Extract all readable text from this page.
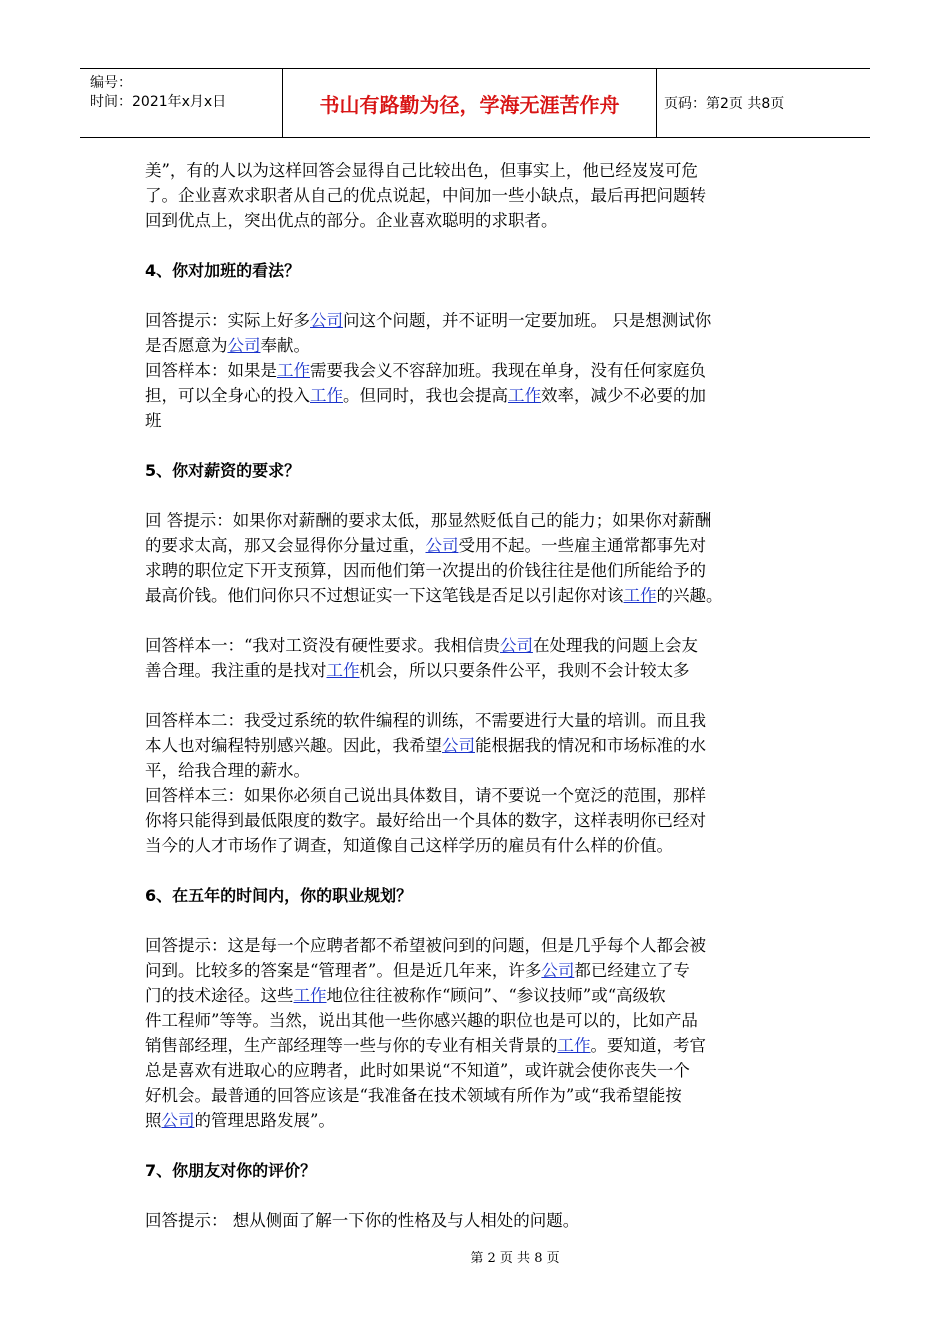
编号：
时间：2021年x月x日	书山有路勤为径，学海无涯苦作舟	页码：第2页 共8页

美”，有的人以为这样回答会显得自己比较出色，但事实上，他已经岌岌可危

了。企业喜欢求职者从自己的优点说起，中间加一些小缺点，最后再把问题转

回到优点上，突出优点的部分。企业喜欢聪明的求职者。

4、你对加班的看法？

回答提示：实际上好多公司问这个问题，并不证明一定要加班。 只是想测试你

是否愿意为公司奉献。

回答样本：如果是工作需要我会义不容辞加班。我现在单身，没有任何家庭负

担，可以全身心的投入工作。但同时，我也会提高工作效率，减少不必要的加

班

5、你对薪资的要求？

回 答提示：如果你对薪酬的要求太低，那显然贬低自己的能力；如果你对薪酬

的要求太高，那又会显得你分量过重，公司受用不起。一些雇主通常都事先对

求聘的职位定下开支预算，因而他们第一次提出的价钱往往是他们所能给予的

最高价钱。他们问你只不过想证实一下这笔钱是否足以引起你对该工作的兴趣。

回答样本一：“我对工资没有硬性要求。我相信贵公司在处理我的问题上会友

善合理。我注重的是找对工作机会，所以只要条件公平，我则不会计较太多

回答样本二：我受过系统的软件编程的训练，不需要进行大量的培训。而且我

本人也对编程特别感兴趣。因此，我希望公司能根据我的情况和市场标准的水

平，给我合理的薪水。

回答样本三：如果你必须自己说出具体数目，请不要说一个宽泛的范围，那样

你将只能得到最低限度的数字。最好给出一个具体的数字，这样表明你已经对

当今的人才市场作了调查，知道像自己这样学历的雇员有什么样的价值。

6、在五年的时间内，你的职业规划？

回答提示：这是每一个应聘者都不希望被问到的问题，但是几乎每个人都会被

问到。比较多的答案是“管理者”。但是近几年来，许多公司都已经建立了专

门的技术途径。这些工作地位往往被称作“顾问”、“参议技师”或“高级软

件工程师”等等。当然，说出其他一些你感兴趣的职位也是可以的，比如产品

销售部经理，生产部经理等一些与你的专业有相关背景的工作。要知道，考官

总是喜欢有进取心的应聘者，此时如果说“不知道”，或许就会使你丧失一个

好机会。最普通的回答应该是“我准备在技术领域有所作为”或“我希望能按

照公司的管理思路发展”。

7、你朋友对你的评价？

回答提示： 想从侧面了解一下你的性格及与人相处的问题。

第 2 页 共 8 页
